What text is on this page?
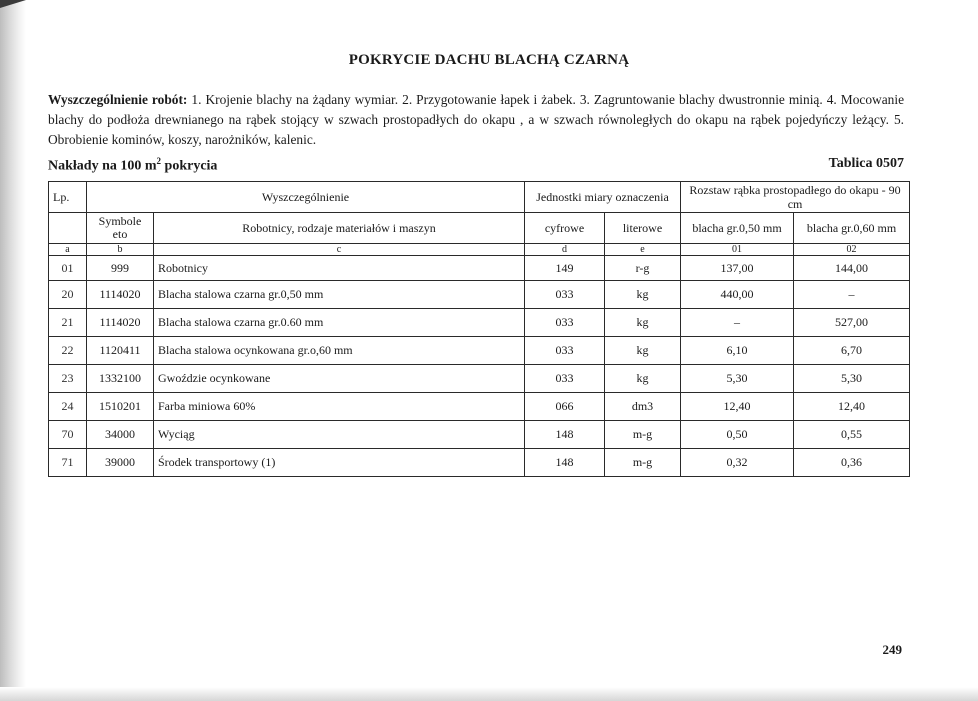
POKRYCIE DACHU BLACHĄ CZARNĄ
Wyszczególnienie robót: 1. Krojenie blachy na żądany wymiar. 2. Przygotowanie łapek i żabek. 3. Zagruntowanie blachy dwustronnie minią. 4. Mocowanie blachy do podłoża drewnianego na rąbek stojący w szwach prostopadłych do okapu , a w szwach równoległych do okapu na rąbek pojedyńczy leżący. 5. Obrobienie kominów, koszy, narożników, kalenic.
Nakłady na 100 $m^2$ pokrycia	Tablica 0507
Lp.	Wyszczególnienie		Jednostki miary oznaczenia		Rozstaw rąbka prostopadłego do okapu - 90 cm	
	Symbole eto	Robotnicy, rodzaje materiałów i maszyn	cyfrowe	literowe	blacha gr.0,50 mm	blacha gr.0,60 mm
a	b	c	d	e	01	02
01	999	Robotnicy	149	r-g	137,00	144,00
20	1114020	Blacha stalowa czarna gr.0,50 mm	033	kg	440,00	–
21	1114020	Blacha stalowa czarna gr.0.60 mm	033	kg	–	527,00
22	1120411	Blacha stalowa ocynkowana gr.o,60 mm	033	kg	6,10	6,70
23	1332100	Gwoździe ocynkowane	033	kg	5,30	5,30
24	1510201	Farba miniowa 60%	066	dm3	12,40	12,40
70	34000	Wyciąg	148	m-g	0,50	0,55
71	39000	Środek transportowy (1)	148	m-g	0,32	0,36
249
